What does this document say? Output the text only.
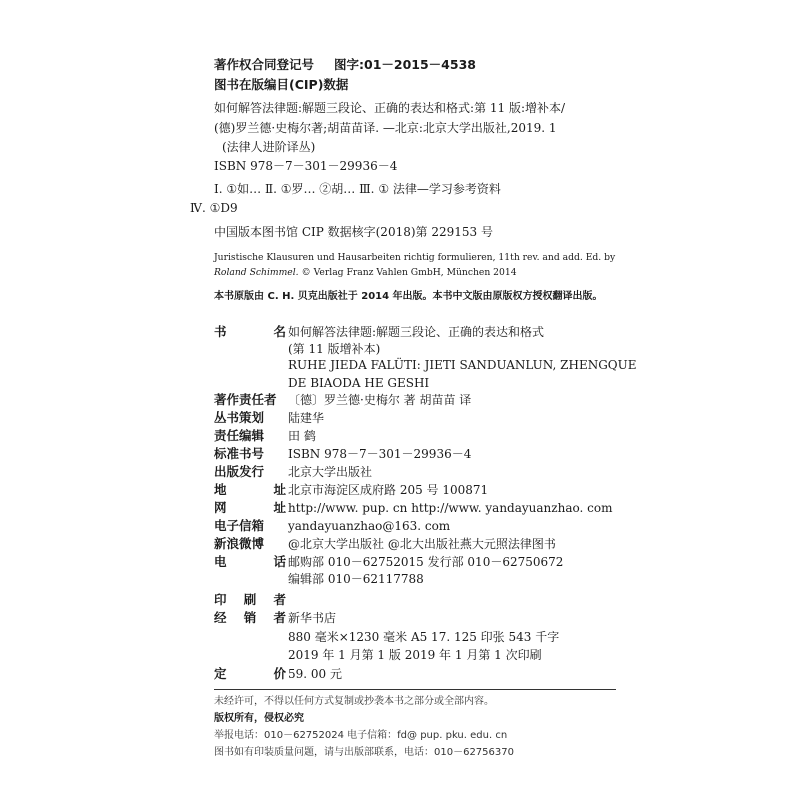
著作权合同登记号 图字:01－2015－4538
图书在版编目(CIP)数据
如何解答法律题:解题三段论、正确的表达和格式:第 11 版:增补本/
(德)罗兰德·史梅尔著;胡苗苗译. —北京:北京大学出版社,2019. 1
(法律人进阶译丛)
ISBN 978－7－301－29936－4
Ⅰ. ①如… Ⅱ. ①罗… ②胡… Ⅲ. ① 法律—学习参考资料
Ⅳ. ①D9
中国版本图书馆 CIP 数据核字(2018)第 229153 号
Juristische Klausuren und Hausarbeiten richtig formulieren, 11th rev. and add. Ed. by
Roland Schimmel. © Verlag Franz Vahlen GmbH, München 2014
本书原版由 C. H. 贝克出版社于 2014 年出版。本书中文版由原版权方授权翻译出版。
书	名 如何解答法律题:解题三段论、正确的表达和格式
(第 11 版增补本)
RUHE JIEDA FALÜTI: JIETI SANDUANLUN, ZHENGQUE
DE BIAODA HE GESHI
著作责任者 〔德〕罗兰德·史梅尔 著 胡苗苗 译
丛书策划	陆建华
责任编辑	田 鹤
标准书号	ISBN 978－7－301－29936－4
出版发行	北京大学出版社
地	址 北京市海淀区成府路 205 号 100871
网	址 http://www. pup. cn http://www. yandayuanzhao. com
电子信箱	yandayuanzhao@163. com
新浪微博	@北京大学出版社 @北大出版社燕大元照法律图书
电	话 邮购部 010－62752015 发行部 010－62750672
编辑部 010－62117788
印 刷 者
经 销 者 新华书店
880 毫米×1230 毫米 A5 17. 125 印张 543 千字
2019 年 1 月第 1 版 2019 年 1 月第 1 次印刷
定	价 59. 00 元
未经许可，不得以任何方式复制或抄袭本书之部分或全部内容。
版权所有，侵权必究
举报电话：010－62752024 电子信箱：fd@ pup. pku. edu. cn
图书如有印装质量问题，请与出版部联系，电话：010－62756370
